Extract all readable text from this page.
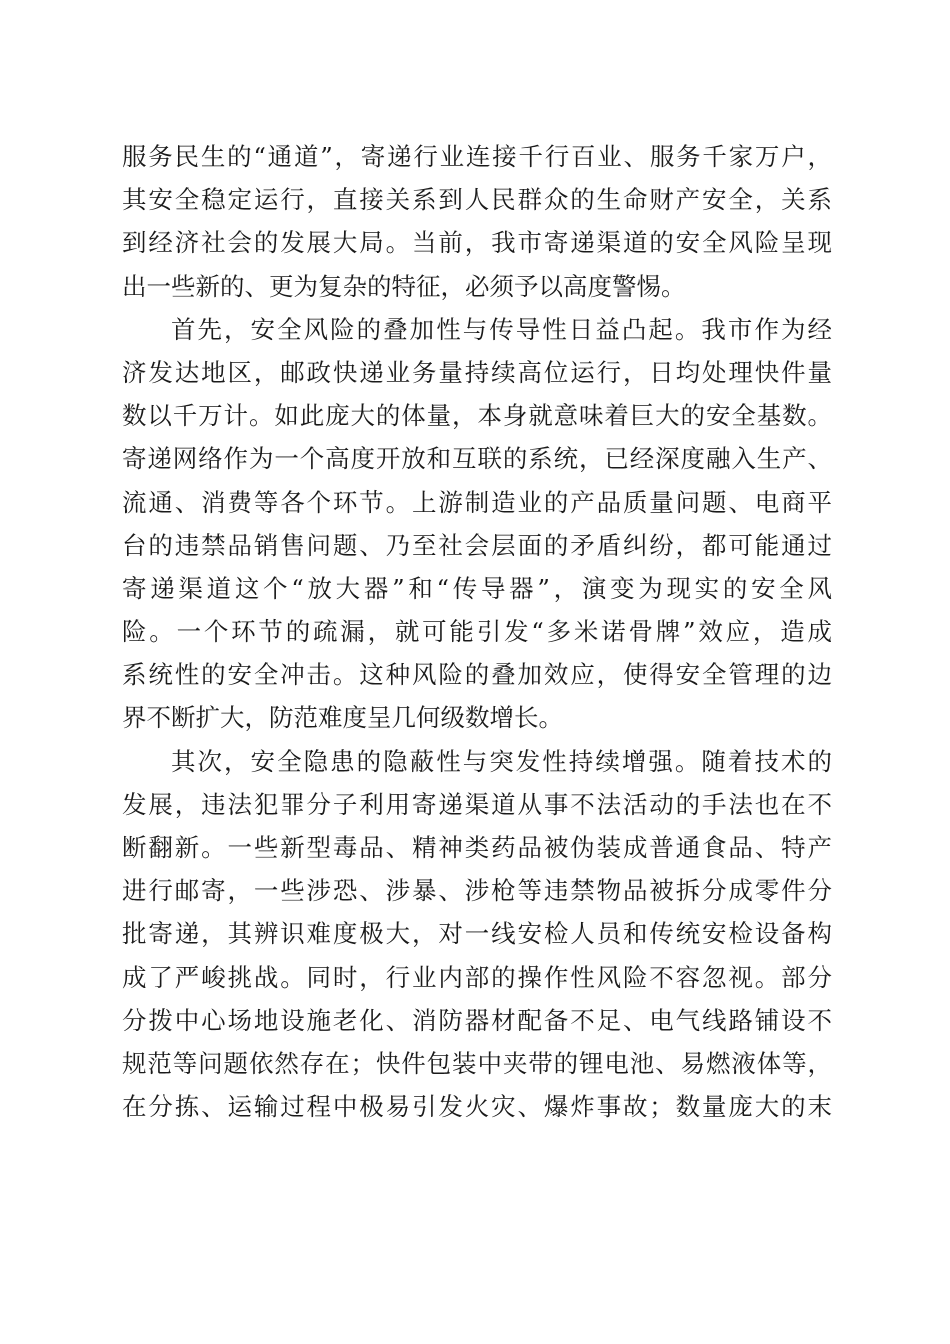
服务民生的“通道”，寄递行业连接千行百业、服务千家万户，
其安全稳定运行，直接关系到人民群众的生命财产安全，关系
到经济社会的发展大局。当前，我市寄递渠道的安全风险呈现
出一些新的、更为复杂的特征，必须予以高度警惕。
首先，安全风险的叠加性与传导性日益凸起。我市作为经
济发达地区，邮政快递业务量持续高位运行，日均处理快件量
数以千万计。如此庞大的体量，本身就意味着巨大的安全基数。
寄递网络作为一个高度开放和互联的系统，已经深度融入生产、
流通、消费等各个环节。上游制造业的产品质量问题、电商平
台的违禁品销售问题、乃至社会层面的矛盾纠纷，都可能通过
寄递渠道这个“放大器”和“传导器”，演变为现实的安全风
险。一个环节的疏漏，就可能引发“多米诺骨牌”效应，造成
系统性的安全冲击。这种风险的叠加效应，使得安全管理的边
界不断扩大，防范难度呈几何级数增长。
其次，安全隐患的隐蔽性与突发性持续增强。随着技术的
发展，违法犯罪分子利用寄递渠道从事不法活动的手法也在不
断翻新。一些新型毒品、精神类药品被伪装成普通食品、特产
进行邮寄，一些涉恐、涉暴、涉枪等违禁物品被拆分成零件分
批寄递，其辨识难度极大，对一线安检人员和传统安检设备构
成了严峻挑战。同时，行业内部的操作性风险不容忽视。部分
分拨中心场地设施老化、消防器材配备不足、电气线路铺设不
规范等问题依然存在；快件包装中夹带的锂电池、易燃液体等，
在分拣、运输过程中极易引发火灾、爆炸事故；数量庞大的末
